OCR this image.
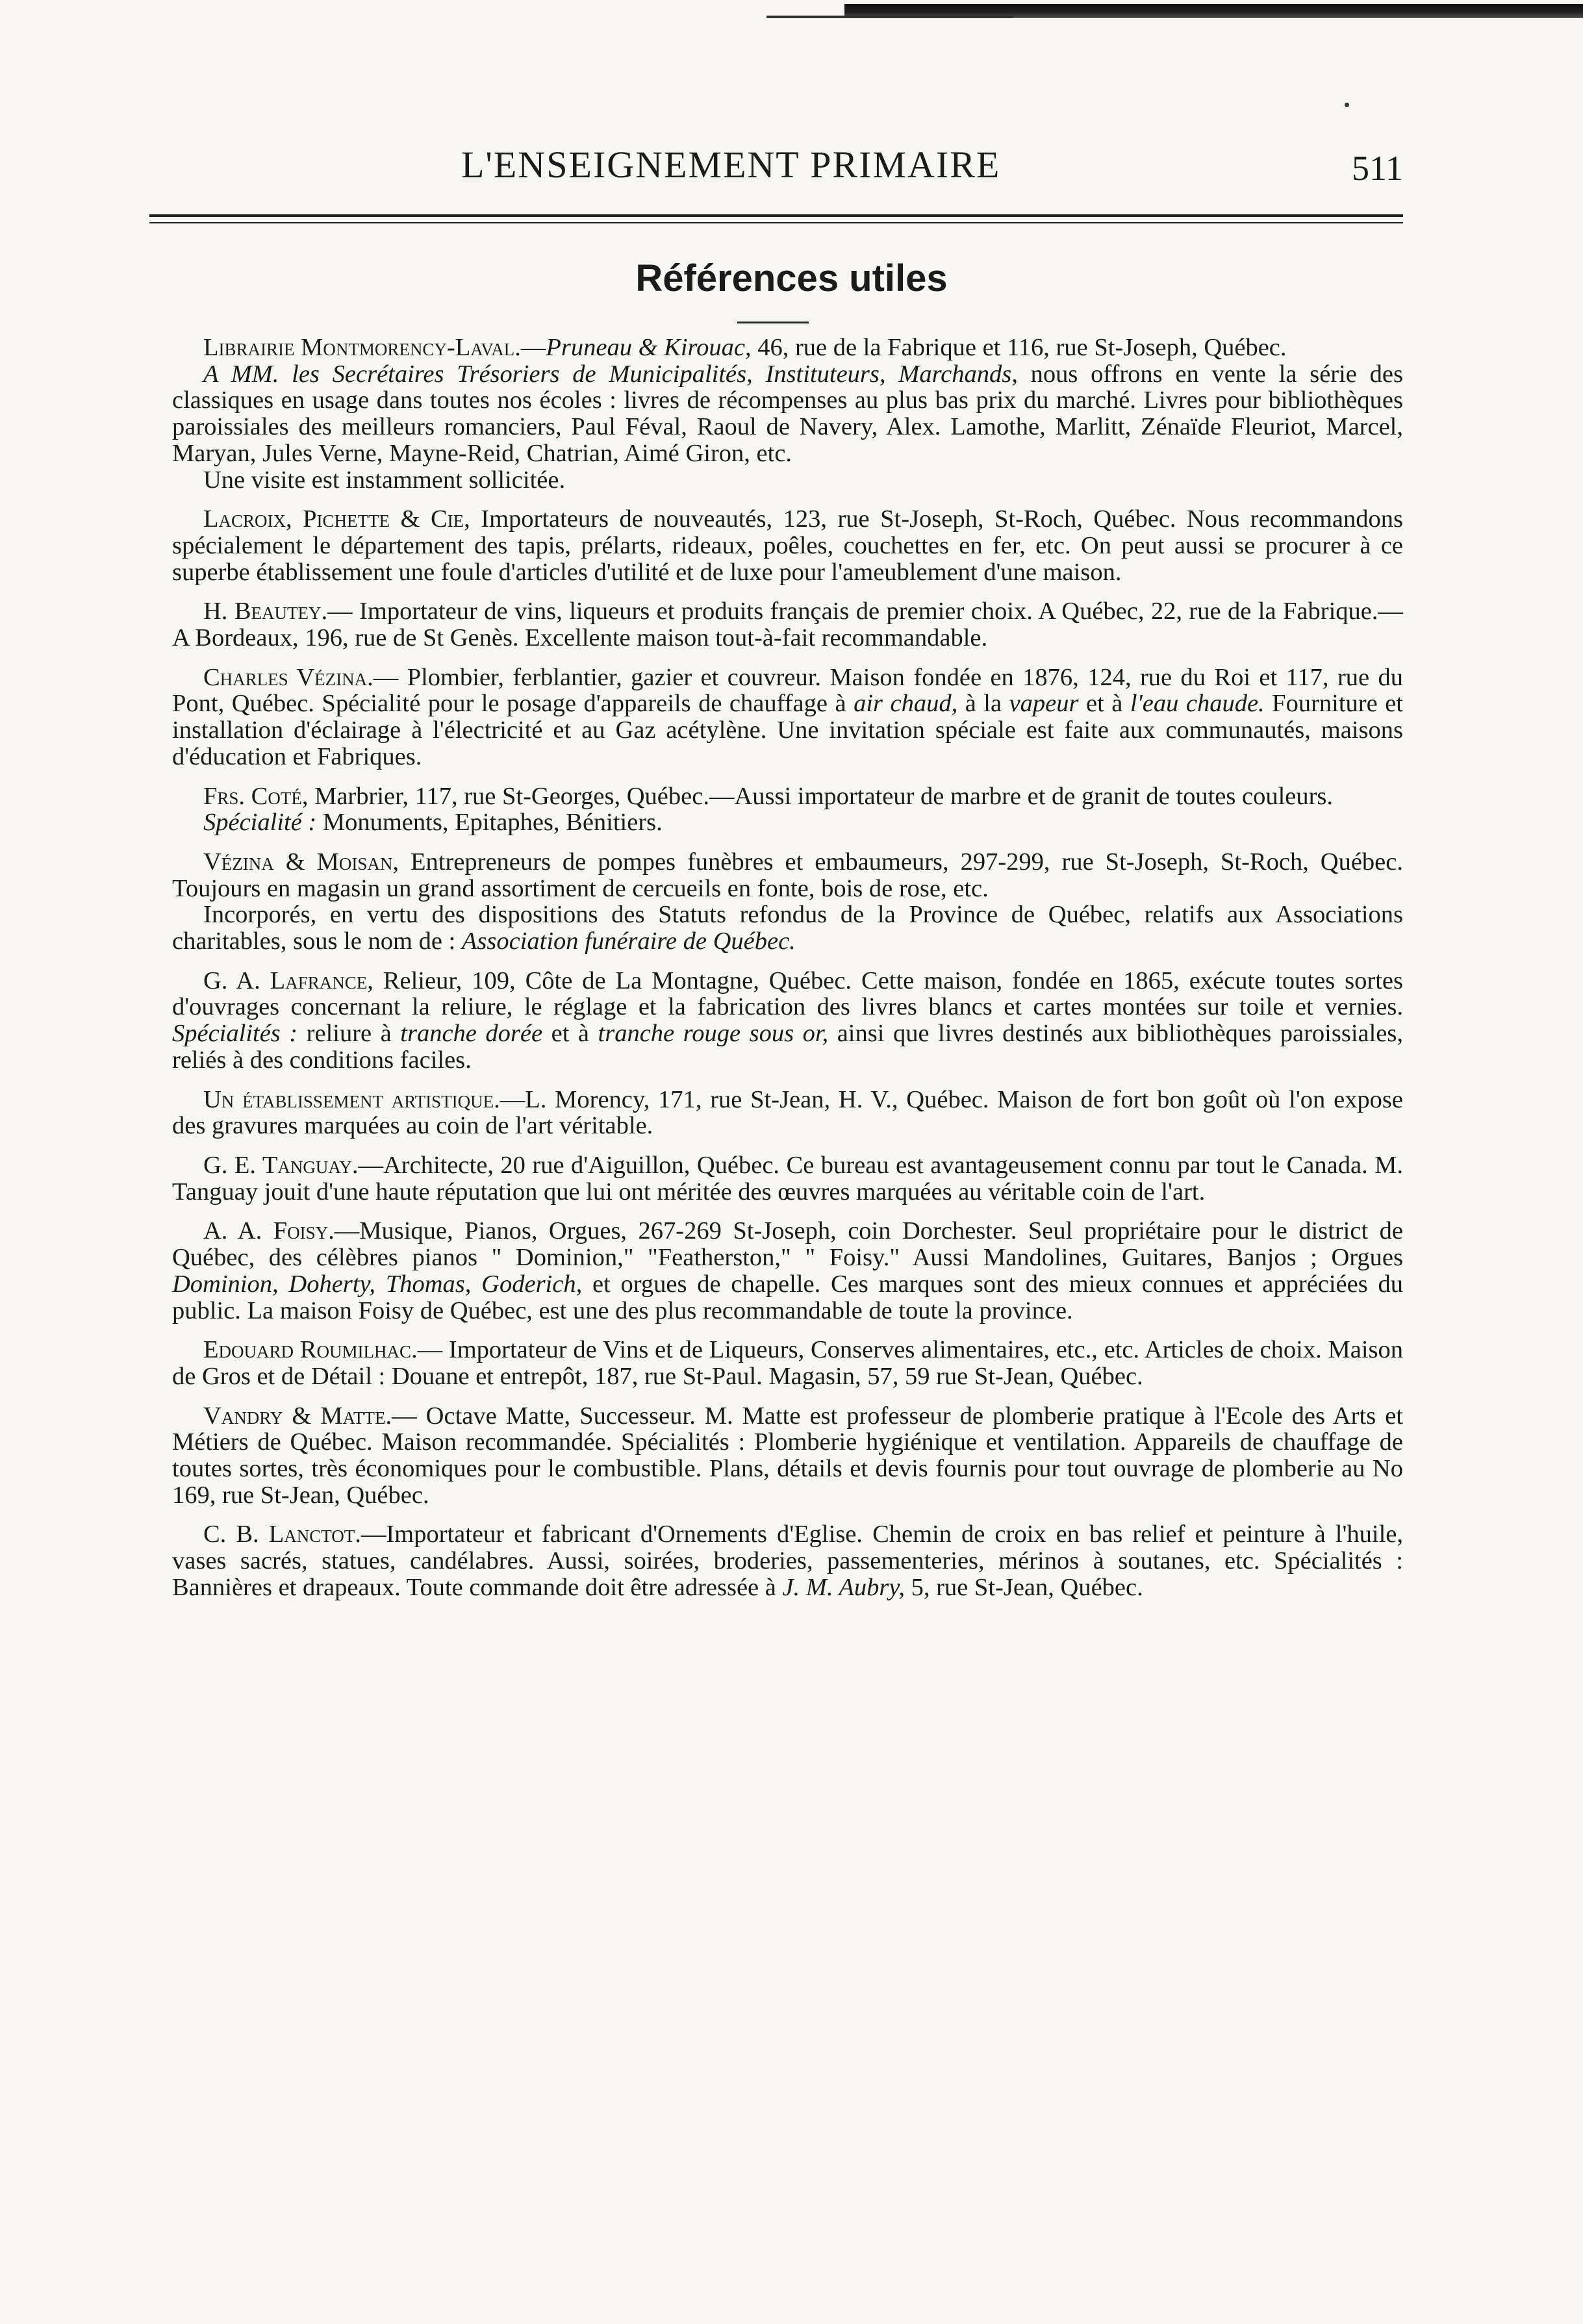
L'ENSEIGNEMENT PRIMAIRE	511
Références utiles

Librairie Montmorency-Laval.—Pruneau & Kirouac, 46, rue de la Fabrique et 116, rue St-Joseph, Québec.

A MM. les Secrétaires Trésoriers de Municipalités, Instituteurs, Marchands, nous offrons en vente la série des classiques en usage dans toutes nos écoles : livres de récompenses au plus bas prix du marché. Livres pour bibliothèques paroissiales des meilleurs romanciers, Paul Féval, Raoul de Navery, Alex. Lamothe, Marlitt, Zénaïde Fleuriot, Marcel, Maryan, Jules Verne, Mayne-Reid, Chatrian, Aimé Giron, etc.

Une visite est instamment sollicitée.

Lacroix, Pichette & Cie, Importateurs de nouveautés, 123, rue St-Joseph, St-Roch, Québec. Nous recommandons spécialement le département des tapis, prélarts, rideaux, poêles, couchettes en fer, etc. On peut aussi se procurer à ce superbe établissement une foule d'articles d'utilité et de luxe pour l'ameublement d'une maison.

H. Beautey.— Importateur de vins, liqueurs et produits français de premier choix. A Québec, 22, rue de la Fabrique.— A Bordeaux, 196, rue de St Genès. Excellente maison tout-à-fait recommandable.

Charles Vézina.— Plombier, ferblantier, gazier et couvreur. Maison fondée en 1876, 124, rue du Roi et 117, rue du Pont, Québec. Spécialité pour le posage d'appareils de chauffage à air chaud, à la vapeur et à l'eau chaude. Fourniture et installation d'éclairage à l'électricité et au Gaz acétylène. Une invitation spéciale est faite aux communautés, maisons d'éducation et Fabriques.

Frs. Coté, Marbrier, 117, rue St-Georges, Québec.—Aussi importateur de marbre et de granit de toutes couleurs.

Spécialité : Monuments, Epitaphes, Bénitiers.

Vézina & Moisan, Entrepreneurs de pompes funèbres et embaumeurs, 297-299, rue St-Joseph, St-Roch, Québec. Toujours en magasin un grand assortiment de cercueils en fonte, bois de rose, etc.

Incorporés, en vertu des dispositions des Statuts refondus de la Province de Québec, relatifs aux Associations charitables, sous le nom de : Association funéraire de Québec.

G. A. Lafrance, Relieur, 109, Côte de La Montagne, Québec. Cette maison, fondée en 1865, exécute toutes sortes d'ouvrages concernant la reliure, le réglage et la fabrication des livres blancs et cartes montées sur toile et vernies. Spécialités : reliure à tranche dorée et à tranche rouge sous or, ainsi que livres destinés aux bibliothèques paroissiales, reliés à des conditions faciles.

Un établissement artistique.—L. Morency, 171, rue St-Jean, H. V., Québec. Maison de fort bon goût où l'on expose des gravures marquées au coin de l'art véritable.

G. E. Tanguay.—Architecte, 20 rue d'Aiguillon, Québec. Ce bureau est avantageusement connu par tout le Canada. M. Tanguay jouit d'une haute réputation que lui ont méritée des œuvres marquées au véritable coin de l'art.

A. A. Foisy.—Musique, Pianos, Orgues, 267-269 St-Joseph, coin Dorchester. Seul propriétaire pour le district de Québec, des célèbres pianos " Dominion," "Featherston," " Foisy." Aussi Mandolines, Guitares, Banjos ; Orgues Dominion, Doherty, Thomas, Goderich, et orgues de chapelle. Ces marques sont des mieux connues et appréciées du public. La maison Foisy de Québec, est une des plus recommandable de toute la province.

Edouard Roumilhac.— Importateur de Vins et de Liqueurs, Conserves alimentaires, etc., etc. Articles de choix. Maison de Gros et de Détail : Douane et entrepôt, 187, rue St-Paul. Magasin, 57, 59 rue St-Jean, Québec.

Vandry & Matte.— Octave Matte, Successeur. M. Matte est professeur de plomberie pratique à l'Ecole des Arts et Métiers de Québec. Maison recommandée. Spécialités : Plomberie hygiénique et ventilation. Appareils de chauffage de toutes sortes, très économiques pour le combustible. Plans, détails et devis fournis pour tout ouvrage de plomberie au No 169, rue St-Jean, Québec.

C. B. Lanctot.—Importateur et fabricant d'Ornements d'Eglise. Chemin de croix en bas relief et peinture à l'huile, vases sacrés, statues, candélabres. Aussi, soirées, broderies, passementeries, mérinos à soutanes, etc. Spécialités : Bannières et drapeaux. Toute commande doit être adressée à J. M. Aubry, 5, rue St-Jean, Québec.
